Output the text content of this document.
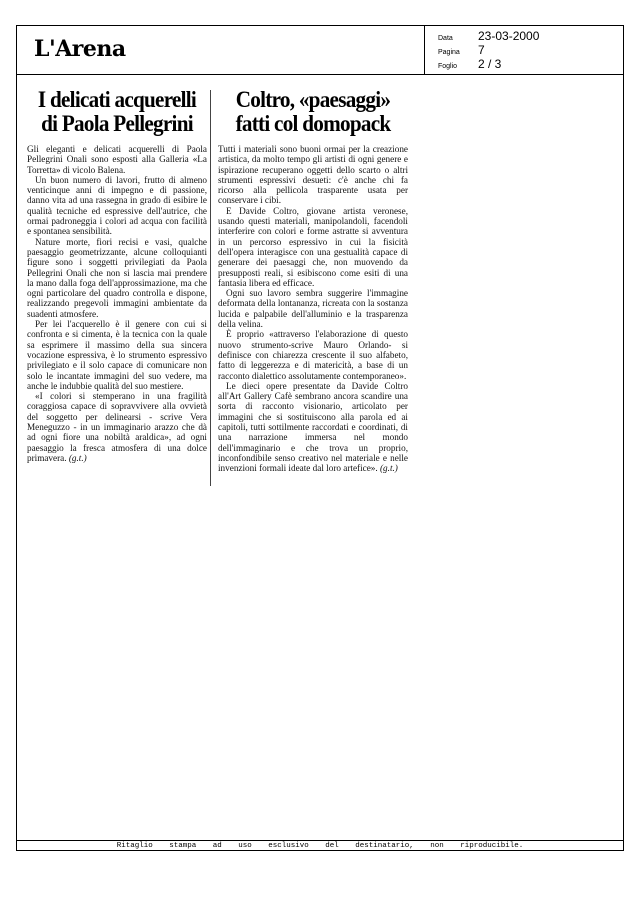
L'Arena	Data	23-03-2000
Pagina	7
Foglio	2 / 3
I delicati acquerelli di Paola Pellegrini

Gli eleganti e delicati acquerelli di Paola Pellegrini Onali sono esposti alla Galleria «La Torretta» di vicolo Balena.

Un buon numero di lavori, frutto di almeno venticinque anni di impegno e di passione, danno vita ad una rassegna in grado di esibire le qualità tecniche ed espressive dell'autrice, che ormai padroneggia i colori ad acqua con facilità e spontanea sensibilità.

Nature morte, fiori recisi e vasi, qualche paesaggio geometrizzante, alcune colloquianti figure sono i soggetti privilegiati da Paola Pellegrini Onali che non si lascia mai prendere la mano dalla foga dell'approssimazione, ma che ogni particolare del quadro controlla e dispone, realizzando pregevoli immagini ambientate da suadenti atmosfere.

Per lei l'acquerello è il genere con cui si confronta e si cimenta, è la tecnica con la quale sa esprimere il massimo della sua sincera vocazione espressiva, è lo strumento espressivo privilegiato e il solo capace di comunicare non solo le incantate immagini del suo vedere, ma anche le indubbie qualità del suo mestiere.

«I colori si stemperano in una fragilità coraggiosa capace di sopravvivere alla ovvietà del soggetto per delinearsi - scrive Vera Meneguzzo - in un immaginario arazzo che dà ad ogni fiore una nobiltà araldica», ad ogni paesaggio la fresca atmosfera di una dolce primavera. (g.t.)

Coltro, «paesaggi» fatti col domopack

Tutti i materiali sono buoni ormai per la creazione artistica, da molto tempo gli artisti di ogni genere e ispirazione recuperano oggetti dello scarto o altri strumenti espressivi desueti: c'è anche chi fa ricorso alla pellicola trasparente usata per conservare i cibi.

E Davide Coltro, giovane artista veronese, usando questi materiali, manipolandoli, facendoli interferire con colori e forme astratte si avventura in un percorso espressivo in cui la fisicità dell'opera interagisce con una gestualità capace di generare dei paesaggi che, non muovendo da presupposti reali, si esibiscono come esiti di una fantasia libera ed efficace.

Ogni suo lavoro sembra suggerire l'immagine deformata della lontananza, ricreata con la sostanza lucida e palpabile dell'alluminio e la trasparenza della velina.

È proprio «attraverso l'elaborazione di questo nuovo strumento-scrive Mauro Orlando- si definisce con chiarezza crescente il suo alfabeto, fatto di leggerezza e di matericità, a base di un racconto dialettico assolutamente contemporaneo».

Le dieci opere presentate da Davide Coltro all'Art Gallery Cafè sembrano ancora scandire una sorta di racconto visionario, articolato per immagini che si sostituiscono alla parola ed ai capitoli, tutti sottilmente raccordati e coordinati, di una narrazione immersa nel mondo dell'immaginario e che trova un proprio, inconfondibile senso creativo nel materiale e nelle invenzioni formali ideate dal loro artefice». (g.t.)

Ritaglio stampa ad uso esclusivo del destinatario, non riproducibile.
